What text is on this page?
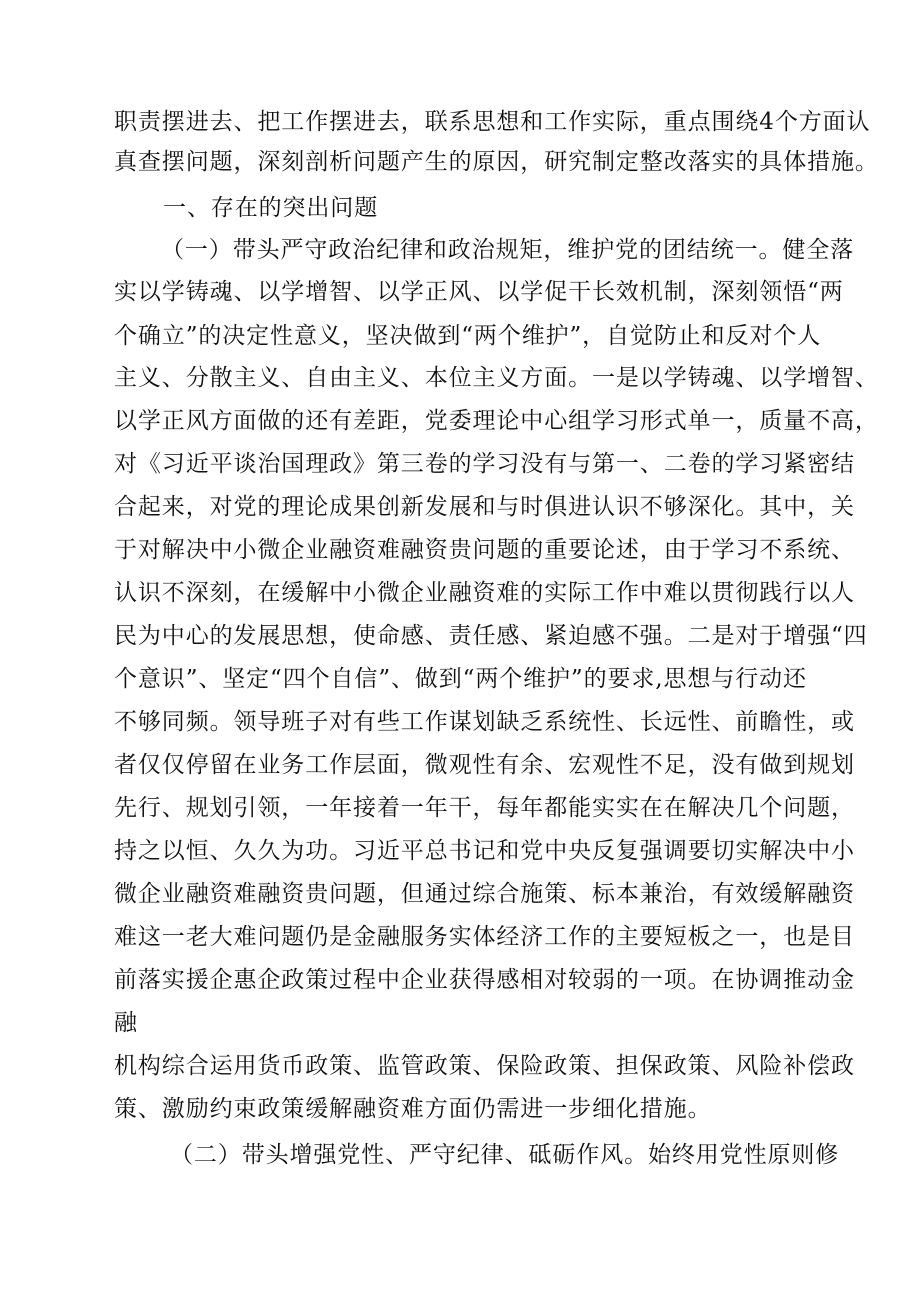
职责摆进去、把工作摆进去，联系思想和工作实际，重点围绕4个方面认
真查摆问题，深刻剖析问题产生的原因，研究制定整改落实的具体措施。
一、存在的突出问题
（一）带头严守政治纪律和政治规矩，维护党的团结统一。健全落
实以学铸魂、以学增智、以学正风、以学促干长效机制，深刻领悟“两
个确立”的决定性意义，坚决做到“两个维护”，自觉防止和反对个人
主义、分散主义、自由主义、本位主义方面。一是以学铸魂、以学增智、
以学正风方面做的还有差距，党委理论中心组学习形式单一，质量不高，
对《习近平谈治国理政》第三卷的学习没有与第一、二卷的学习紧密结
合起来，对党的理论成果创新发展和与时俱进认识不够深化。其中，关
于对解决中小微企业融资难融资贵问题的重要论述，由于学习不系统、
认识不深刻，在缓解中小微企业融资难的实际工作中难以贯彻践行以人
民为中心的发展思想，使命感、责任感、紧迫感不强。二是对于增强“四
个意识”、坚定“四个自信”、做到“两个维护”的要求,思想与行动还
不够同频。领导班子对有些工作谋划缺乏系统性、长远性、前瞻性，或
者仅仅停留在业务工作层面，微观性有余、宏观性不足，没有做到规划
先行、规划引领，一年接着一年干，每年都能实实在在解决几个问题，
持之以恒、久久为功。习近平总书记和党中央反复强调要切实解决中小
微企业融资难融资贵问题，但通过综合施策、标本兼治，有效缓解融资
难这一老大难问题仍是金融服务实体经济工作的主要短板之一，也是目
前落实援企惠企政策过程中企业获得感相对较弱的一项。在协调推动金
融
机构综合运用货币政策、监管政策、保险政策、担保政策、风险补偿政
策、激励约束政策缓解融资难方面仍需进一步细化措施。
（二）带头增强党性、严守纪律、砥砺作风。始终用党性原则修
